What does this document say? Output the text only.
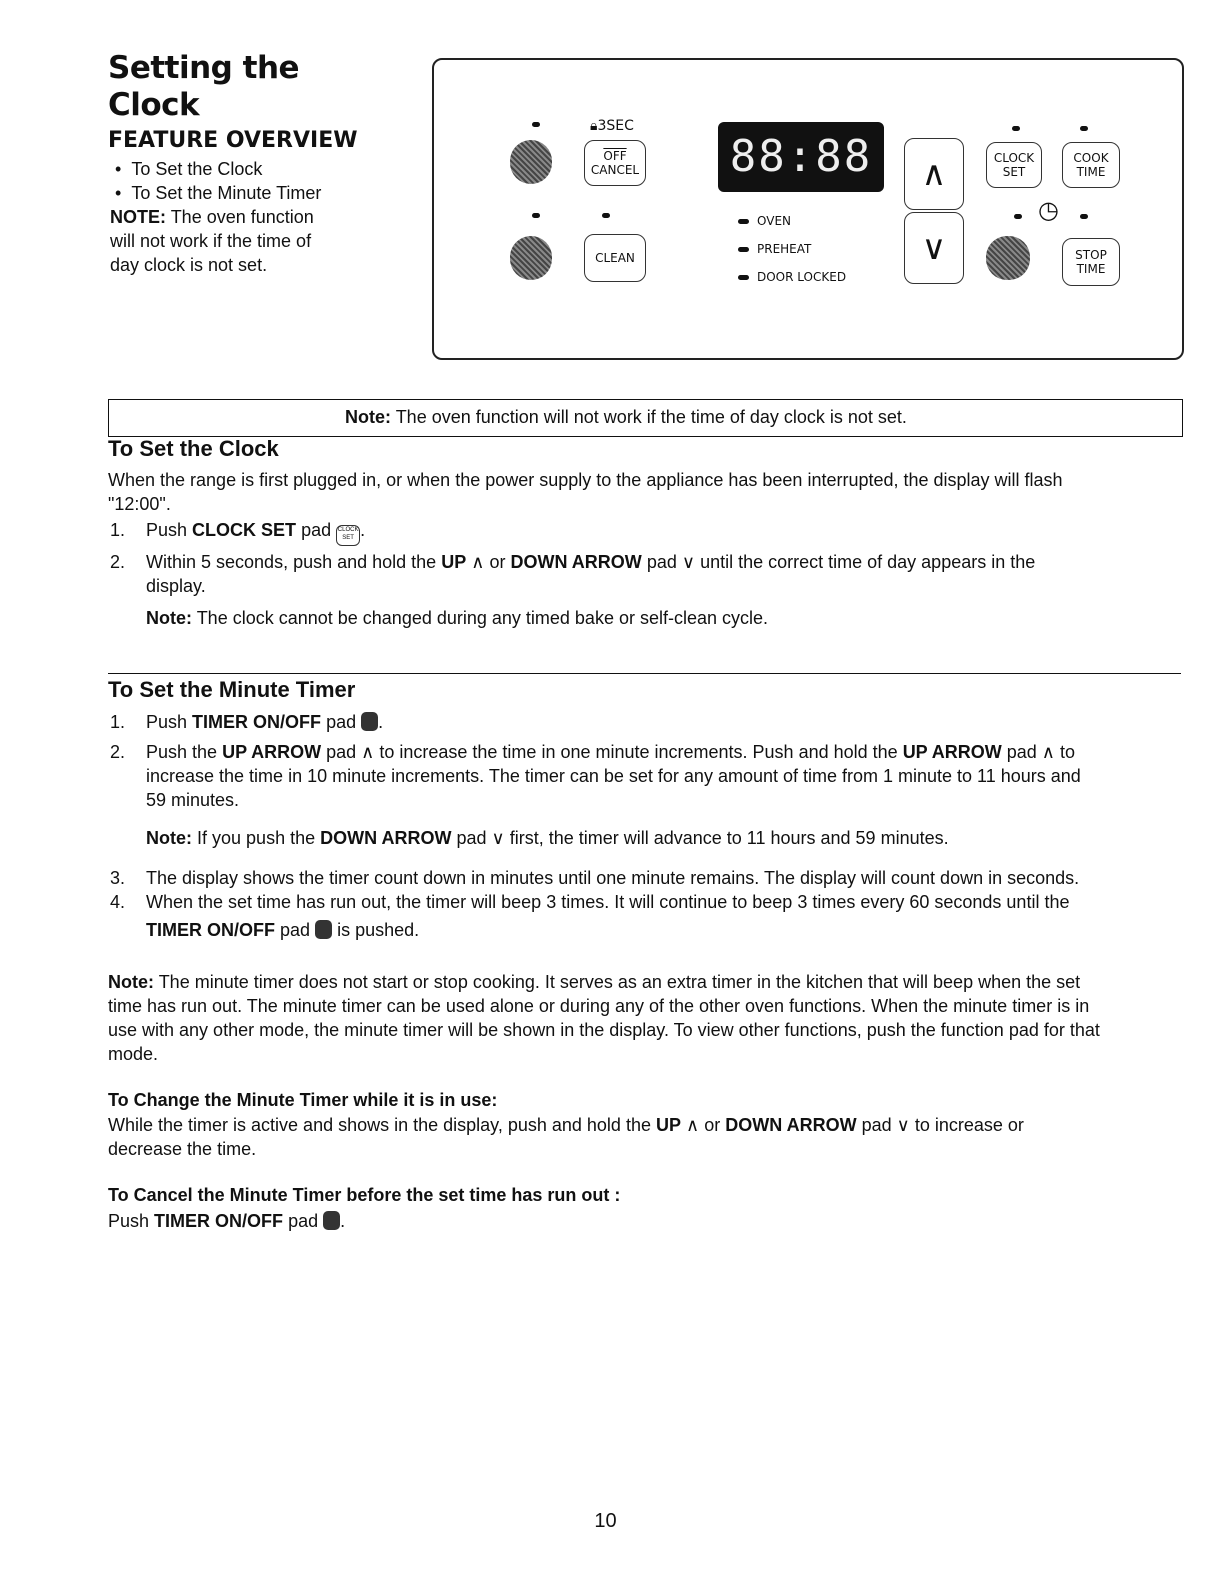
Setting the
Clock
FEATURE OVERVIEW
•  To Set the Clock
•  To Set the Minute Timer
NOTE: The oven function
will not work if the time of
day clock is not set.
🔒︎3SEC
$\overline{OFF}$
CANCEL
CLEAN
88:88
OVEN
PREHEAT
DOOR LOCKED
∧
∨
CLOCK
SET
COOK
TIME
◷
STOP
TIME
Note: The oven function will not work if the time of day clock is not set.
To Set the Clock
When the range is first plugged in, or when the power supply to the appliance has been interrupted, the display will flash
"12:00".
1. Push CLOCK SET pad CLOCK
SET .
2. Within 5 seconds, push and hold the UP ∧ or DOWN ARROW pad ∨ until the correct time of day appears in the
display.
Note: The clock cannot be changed during any timed bake or self-clean cycle.
To Set the Minute Timer
1. Push TIMER ON/OFF pad .
2. Push the UP ARROW pad ∧ to increase the time in one minute increments. Push and hold the UP ARROW pad ∧ to
increase the time in 10 minute increments. The timer can be set for any amount of time from 1 minute to 11 hours and
59 minutes.
Note: If you push the DOWN ARROW pad ∨ first, the timer will advance to 11 hours and 59 minutes.
3. The display shows the timer count down in minutes until one minute remains. The display will count down in seconds.
4. When the set time has run out, the timer will beep 3 times. It will continue to beep 3 times every 60 seconds until the
TIMER ON/OFF pad is pushed.
Note: The minute timer does not start or stop cooking. It serves as an extra timer in the kitchen that will beep when the set
time has run out. The minute timer can be used alone or during any of the other oven functions. When the minute timer is in
use with any other mode, the minute timer will be shown in the display. To view other functions, push the function pad for that
mode.
To Change the Minute Timer while it is in use:
While the timer is active and shows in the display, push and hold the UP ∧ or DOWN ARROW pad ∨ to increase or
decrease the time.
To Cancel the Minute Timer before the set time has run out :
Push TIMER ON/OFF pad .
10
